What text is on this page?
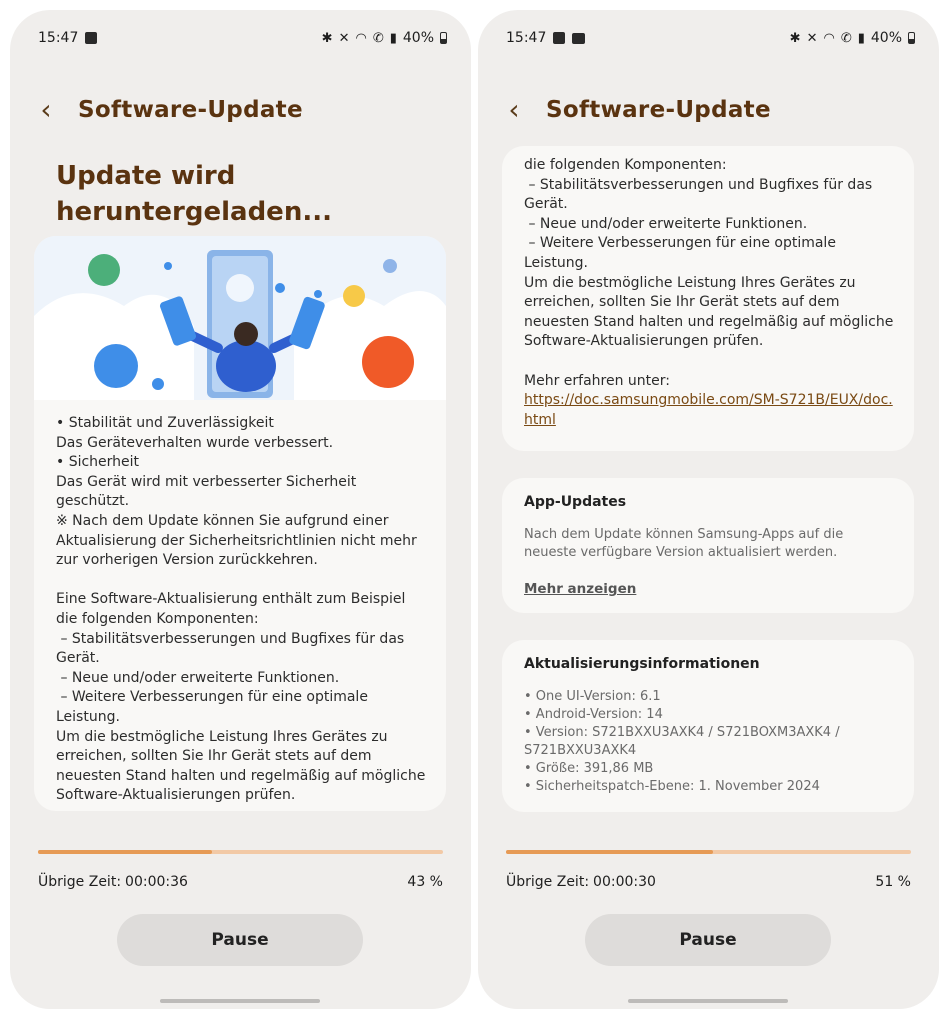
15:47	✱ ✕ ◠ ✆ ▮ 40%
‹ Software-Update
Update wird heruntergeladen...

• Stabilität und Zuverlässigkeit
Das Geräteverhalten wurde verbessert.
• Sicherheit
Das Gerät wird mit verbesserter Sicherheit geschützt.
※ Nach dem Update können Sie aufgrund einer Aktualisierung der Sicherheitsrichtlinien nicht mehr zur vorherigen Version zurückkehren.

Eine Software-Aktualisierung enthält zum Beispiel die folgenden Komponenten:
– Stabilitätsverbesserungen und Bugfixes für das Gerät.
– Neue und/oder erweiterte Funktionen.
– Weitere Verbesserungen für eine optimale Leistung.
Um die bestmögliche Leistung Ihres Gerätes zu erreichen, sollten Sie Ihr Gerät stets auf dem neuesten Stand halten und regelmäßig auf mögliche Software-Aktualisierungen prüfen.

Übrige Zeit: 00:00:36	43 %
Pause
15:47	✱ ✕ ◠ ✆ ▮ 40%
‹ Software-Update

die folgenden Komponenten:
– Stabilitätsverbesserungen und Bugfixes für das Gerät.
– Neue und/oder erweiterte Funktionen.
– Weitere Verbesserungen für eine optimale Leistung.
Um die bestmögliche Leistung Ihres Gerätes zu erreichen, sollten Sie Ihr Gerät stets auf dem neuesten Stand halten und regelmäßig auf mögliche Software-Aktualisierungen prüfen.

Mehr erfahren unter:

https://doc.samsungmobile.com/SM-S721B/EUX/doc.html

App-Updates
Nach dem Update können Samsung-Apps auf die neueste verfügbare Version aktualisiert werden.
Mehr anzeigen
Aktualisierungsinformationen
• One UI-Version: 6.1
• Android-Version: 14
• Version: S721BXXU3AXK4 / S721BOXM3AXK4 / S721BXXU3AXK4
• Größe: 391,86 MB
• Sicherheitspatch-Ebene: 1. November 2024
Übrige Zeit: 00:00:30	51 %
Pause
